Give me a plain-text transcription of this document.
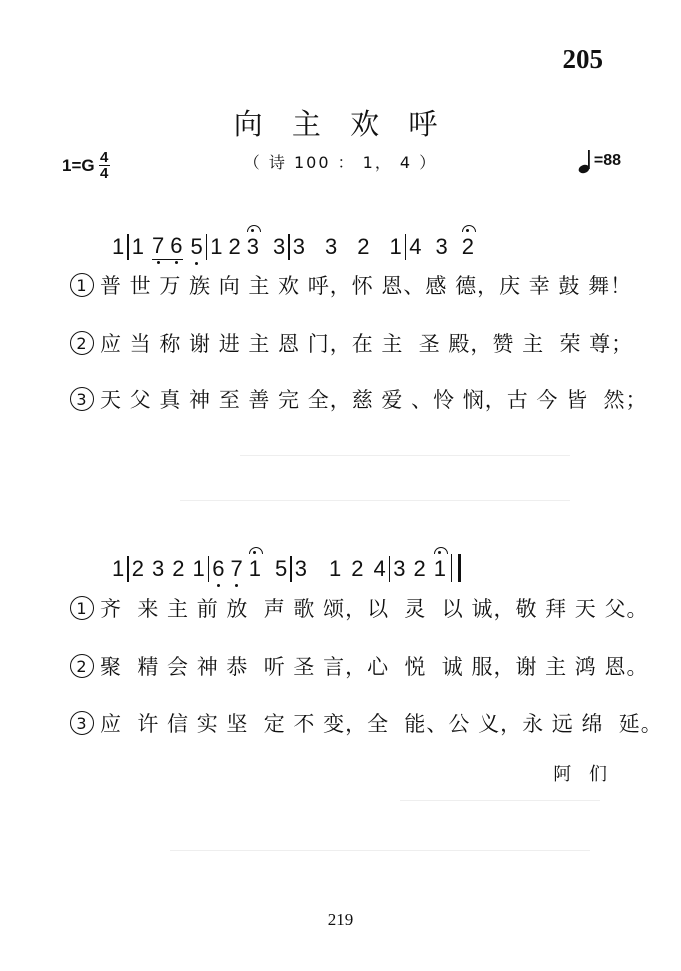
205
向 主 欢 呼
（ 诗 100 ： 1， 4 ）
1=G 4
4
=88
1 1 7 6 5 1 2 3 3 3 3 2 1 4 3 2
1 普 世 万 族 向 主 欢 呼，怀 恩、感 德，庆 幸 鼓 舞！
2 应 当 称 谢 进 主 恩 门，在 主  圣 殿，赞 主  荣 尊；
3 天 父 真 神 至 善 完 全，慈 爱 、怜 悯，古 今 皆  然；
1 2 3 2 1 6 7 1 5 3 1 2 4 3 2 1
1 齐  来 主 前 放  声 歌 颂，以  灵  以 诚，敬 拜 天 父。
2 聚  精 会 神 恭  听 圣 言，心  悦  诚 服，谢 主 鸿 恩。
3 应  许 信 实 坚  定 不 变，全  能、公 义，永 远 绵  延。
阿 们
219
